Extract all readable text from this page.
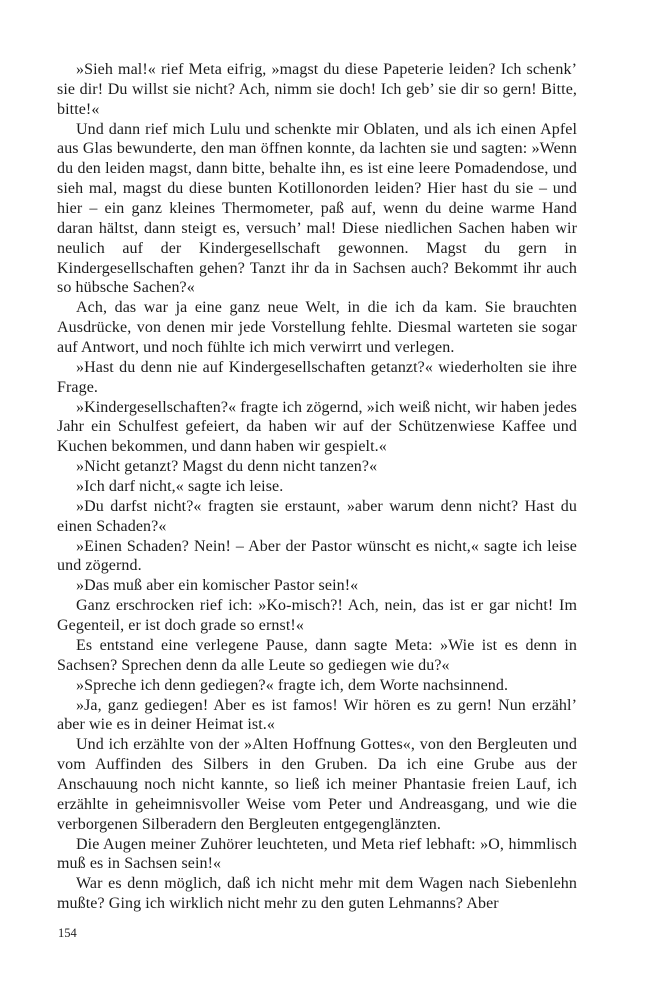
»Sieh mal!« rief Meta eifrig, »magst du diese Papeterie leiden? Ich schenk’ sie dir! Du willst sie nicht? Ach, nimm sie doch! Ich geb’ sie dir so gern! Bitte, bitte!«

Und dann rief mich Lulu und schenkte mir Oblaten, und als ich einen Apfel aus Glas bewunderte, den man öffnen konnte, da lachten sie und sagten: »Wenn du den leiden magst, dann bitte, behalte ihn, es ist eine leere Pomadendose, und sieh mal, magst du diese bunten Kotillonorden leiden? Hier hast du sie – und hier – ein ganz kleines Thermometer, paß auf, wenn du deine warme Hand daran hältst, dann steigt es, versuch’ mal! Diese niedlichen Sachen haben wir neulich auf der Kindergesellschaft gewonnen. Magst du gern in Kindergesellschaften gehen? Tanzt ihr da in Sachsen auch? Bekommt ihr auch so hübsche Sachen?«

Ach, das war ja eine ganz neue Welt, in die ich da kam. Sie brauchten Ausdrücke, von denen mir jede Vorstellung fehlte. Diesmal warteten sie sogar auf Antwort, und noch fühlte ich mich verwirrt und verlegen.

»Hast du denn nie auf Kindergesellschaften getanzt?« wiederholten sie ihre Frage.

»Kindergesellschaften?« fragte ich zögernd, »ich weiß nicht, wir haben jedes Jahr ein Schulfest gefeiert, da haben wir auf der Schützenwiese Kaffee und Kuchen bekommen, und dann haben wir gespielt.«

»Nicht getanzt? Magst du denn nicht tanzen?«

»Ich darf nicht,« sagte ich leise.

»Du darfst nicht?« fragten sie erstaunt, »aber warum denn nicht? Hast du einen Schaden?«

»Einen Schaden? Nein! – Aber der Pastor wünscht es nicht,« sagte ich leise und zögernd.

»Das muß aber ein komischer Pastor sein!«

Ganz erschrocken rief ich: »Ko-misch?! Ach, nein, das ist er gar nicht! Im Gegenteil, er ist doch grade so ernst!«

Es entstand eine verlegene Pause, dann sagte Meta: »Wie ist es denn in Sachsen? Sprechen denn da alle Leute so gediegen wie du?«

»Spreche ich denn gediegen?« fragte ich, dem Worte nachsinnend.

»Ja, ganz gediegen! Aber es ist famos! Wir hören es zu gern! Nun erzähl’ aber wie es in deiner Heimat ist.«

Und ich erzählte von der »Alten Hoffnung Gottes«, von den Bergleuten und vom Auffinden des Silbers in den Gruben. Da ich eine Grube aus der Anschauung noch nicht kannte, so ließ ich meiner Phantasie freien Lauf, ich erzählte in geheimnisvoller Weise vom Peter und Andreasgang, und wie die verborgenen Silberadern den Bergleuten entgegenglänzten.

Die Augen meiner Zuhörer leuchteten, und Meta rief lebhaft: »O, himmlisch muß es in Sachsen sein!«

War es denn möglich, daß ich nicht mehr mit dem Wagen nach Siebenlehn mußte? Ging ich wirklich nicht mehr zu den guten Lehmanns? Aber

154
